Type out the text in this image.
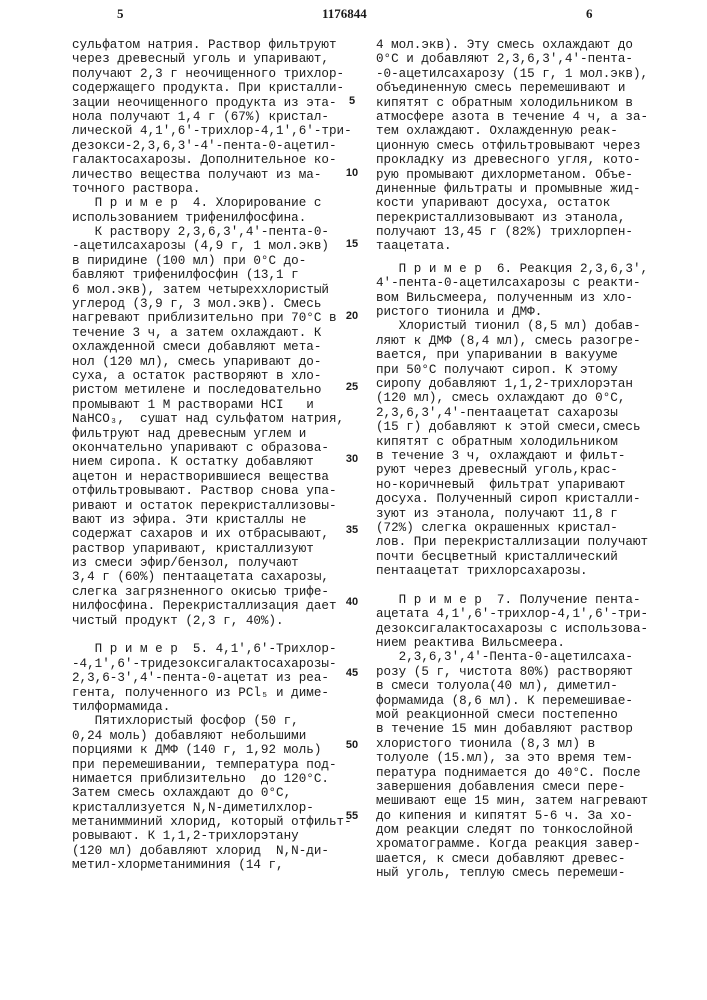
5	1176844	6
сульфатом натрия. Раствор фильтруют
через древесный уголь и упаривают,
получают 2,3 г неочищенного трихлор-
содержащего продукта. При кристалли-
зации неочищенного продукта из эта-
нола получают 1,4 г (67%) кристал-
лической 4,1',6'-трихлор-4,1',6'-три-
дезокси-2,3,6,3'-4'-пента-0-ацетил-
галактосахарозы. Дополнительное ко-
личество вещества получают из ма-
точного раствора.
П р и м е р  4. Хлорирование с
использованием трифенилфосфина.
К раствору 2,3,6,3',4'-пента-0-
-ацетилсахарозы (4,9 г, 1 мол.экв)
в пиридине (100 мл) при 0°С до-
бавляют трифенилфосфин (13,1 г
6 мол.экв), затем четыреххлористый
углерод (3,9 г, 3 мол.экв). Смесь
нагревают приблизительно при 70°С в
течение 3 ч, а затем охлаждают. К
охлажденной смеси добавляют мета-
нол (120 мл), смесь упаривают до-
суха, а остаток растворяют в хло-
ристом метилене и последовательно
промывают 1 М растворами НСI   и
NaHCO₃,  сушат над сульфатом натрия,
фильтруют над древесным углем и
окончательно упаривают с образова-
нием сиропа. К остатку добавляют
ацетон и нерастворившиеся вещества
отфильтровывают. Раствор снова упа-
ривают и остаток перекристаллизовы-
вают из эфира. Эти кристаллы не
содержат сахаров и их отбрасывают,
раствор упаривают, кристаллизуют
из смеси эфир/бензол, получают
3,4 г (60%) пентаацетата сахарозы,
слегка загрязненного окисью трифе-
нилфосфина. Перекристаллизация дает
чистый продукт (2,3 г, 40%).
П р и м е р  5. 4,1',6'-Трихлор-
-4,1',6'-тридезоксигалактосахарозы-
2,3,6-3',4'-пента-0-ацетат из реа-
гента, полученного из PCl₅ и диме-
тилформамида.
Пятихлористый фосфор (50 г,
0,24 моль) добавляют небольшими
порциями к ДМФ (140 г, 1,92 моль)
при перемешивании, температура под-
нимается приблизительно  до 120°С.
Затем смесь охлаждают до 0°С,
кристаллизуется N,N-диметилхлор-
метанимминий хлорид, который отфильт-
ровывают. К 1,1,2-трихлорэтану
(120 мл) добавляют хлорид  N,N-ди-
метил-хлорметаниминия (14 г,
5
10
15
20
25
30
35
40
45
50
55
4 мол.экв). Эту смесь охлаждают до
0°С и добавляют 2,3,6,3',4'-пента-
-0-ацетилсахарозу (15 г, 1 мол.экв),
объединенную смесь перемешивают и
кипятят с обратным холодильником в
атмосфере азота в течение 4 ч, а за-
тем охлаждают. Охлажденную реак-
ционную смесь отфильтровывают через
прокладку из древесного угля, кото-
рую промывают дихлорметаном. Объе-
диненные фильтраты и промывные жид-
кости упаривают досуха, остаток
перекристаллизовывают из этанола,
получают 13,45 г (82%) трихлорпен-
таацетата.
П р и м е р  6. Реакция 2,3,6,3',
4'-пента-0-ацетилсахарозы с реакти-
вом Вильсмеера, полученным из хло-
ристого тионила и ДМФ.
Хлористый тионил (8,5 мл) добав-
ляют к ДМФ (8,4 мл), смесь разогре-
вается, при упаривании в вакууме
при 50°С получают сироп. К этому
сиропу добавляют 1,1,2-трихлорэтан
(120 мл), смесь охлаждают до 0°С,
2,3,6,3',4'-пентаацетат сахарозы
(15 г) добавляют к этой смеси,смесь
кипятят с обратным холодильником
в течение 3 ч, охлаждают и фильт-
руют через древесный уголь,крас-
но-коричневый  фильтрат упаривают
досуха. Полученный сироп кристалли-
зуют из этанола, получают 11,8 г
(72%) слегка окрашенных кристал-
лов. При перекристаллизации получают
почти бесцветный кристаллический
пентаацетат трихлорсахарозы.
П р и м е р  7. Получение пента-
ацетата 4,1',6'-трихлор-4,1',6'-три-
дезоксигалактосахарозы с использова-
нием реактива Вильсмеера.
2,3,6,3',4'-Пента-0-ацетилсаха-
розу (5 г, чистота 80%) растворяют
в смеси толуола(40 мл), диметил-
формамида (8,6 мл). К перемешивае-
мой реакционной смеси постепенно
в течение 15 мин добавляют раствор
хлористого тионила (8,3 мл) в
толуоле (15.мл), за это время тем-
пература поднимается до 40°С. После
завершения добавления смеси пере-
мешивают еще 15 мин, затем нагревают
до кипения и кипятят 5-6 ч. За хо-
дом реакции следят по тонкослойной
хроматограмме. Когда реакция завер-
шается, к смеси добавляют древес-
ный уголь, теплую смесь перемеши-
